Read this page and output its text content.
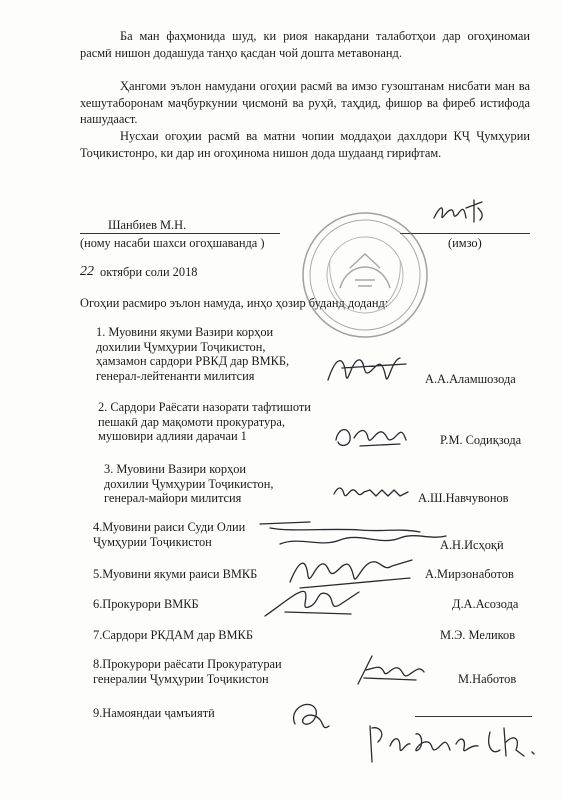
Ба ман фаҳмонида шуд, ки риоя накардани талаботҳои дар огоҳиномаи расмӣ нишон додашуда танҳо қасдан чой дошта метавонанд.

Ҳангоми эълон намудани огоҳии расмӣ ва имзо гузоштанам нисбати ман ва хешутаборонам маҷбуркунии ҷисмонӣ ва руҳӣ, таҳдид, фишор ва фиреб истифода нашудааст.

Нусхаи огоҳии расмӣ ва матни чопии моддаҳои дахлдори КҶ Ҷумҳурии Тоҷикистонро, ки дар ин огоҳинома нишон дода шудаанд гирифтам.

Шанбиев М.Н.
(ному насаби шахси огоҳшаванда )	(имзо)
22 октябри соли 2018
Огоҳии расмиро эълон намуда, инҳо ҳозир буданд доданд:
1. Муовини якуми Вазири корҳои
дохилии Ҷумҳурии Тоҷикистон,
ҳамзамон сардори РВКД дар ВМКБ,
генерал-лейтенанти милитсия	А.А.Аламшозода
2. Сардори Раёсати назорати тафтишоти
пешакӣ дар мақомоти прокуратура,
мушовири адлияи дарачаи 1	Р.М. Содиқзода
3. Муовини Вазири корҳои
дохилии Ҷумҳурии Тоҷикистон,
генерал-майори милитсия	А.Ш.Навчувонов
4.Муовини раиси Суди Олии
Ҷумҳурии Тоҷикистон	А.Н.Исҳоқӣ
5.Муовини якуми раиси ВМКБ	А.Мирзонаботов
6.Прокурори ВМКБ	Д.А.Асозода
7.Сардори РКДАМ дар ВМКБ	М.Э. Меликов
8.Прокурори раёсати Прокуратураи
генералии Ҷумҳурии Тоҷикистон	М.Наботов
9.Намояндаи ҷамъиятӣ
